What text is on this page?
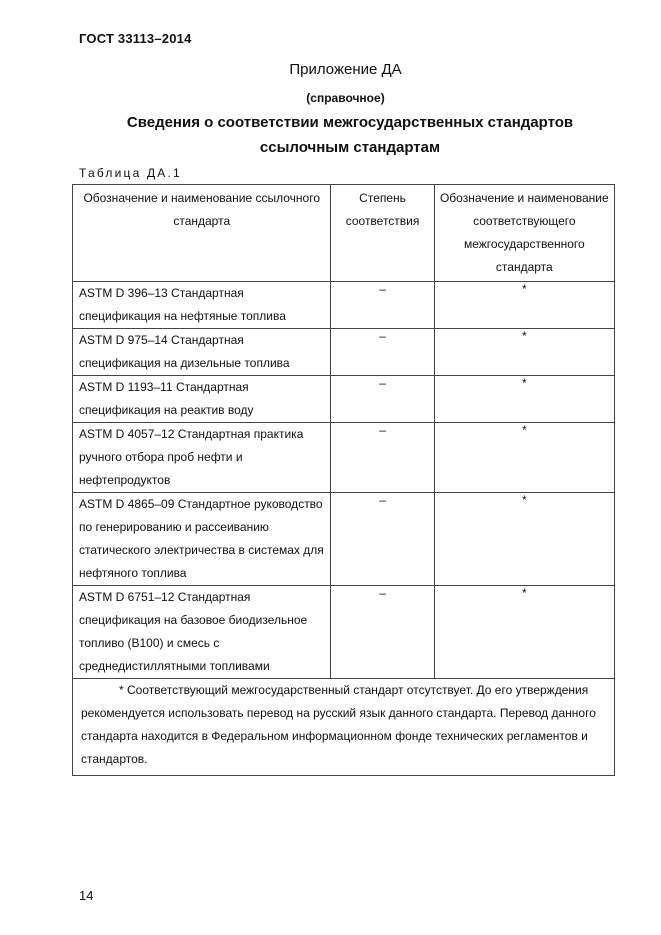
ГОСТ 33113–2014
Приложение ДА
(справочное)
Сведения о соответствии межгосударственных стандартов
ссылочным стандартам
Таблица ДА.1
Обозначение и наименование ссылочного стандарта	Степень соответствия	Обозначение и наименование соответствующего межгосударственного стандарта
ASTM D 396–13 Стандартная спецификация на нефтяные топлива	–	*
ASTM D 975–14 Стандартная спецификация на дизельные топлива	–	*
ASTM D 1193–11 Стандартная спецификация на реактив воду	–	*
ASTM D 4057–12 Стандартная практика ручного отбора проб нефти и нефтепродуктов	–	*
ASTM D 4865–09 Стандартное руководство по генерированию и рассеиванию статического электричества в системах для нефтяного топлива	–	*
ASTM D 6751–12 Стандартная спецификация на базовое биодизельное топливо (B100) и смесь с среднедистиллятными топливами	–	*
* Соответствующий межгосударственный стандарт отсутствует. До его утверждения рекомендуется использовать перевод на русский язык данного стандарта. Перевод данного стандарта находится в Федеральном информационном фонде технических регламентов и стандартов.		
14
